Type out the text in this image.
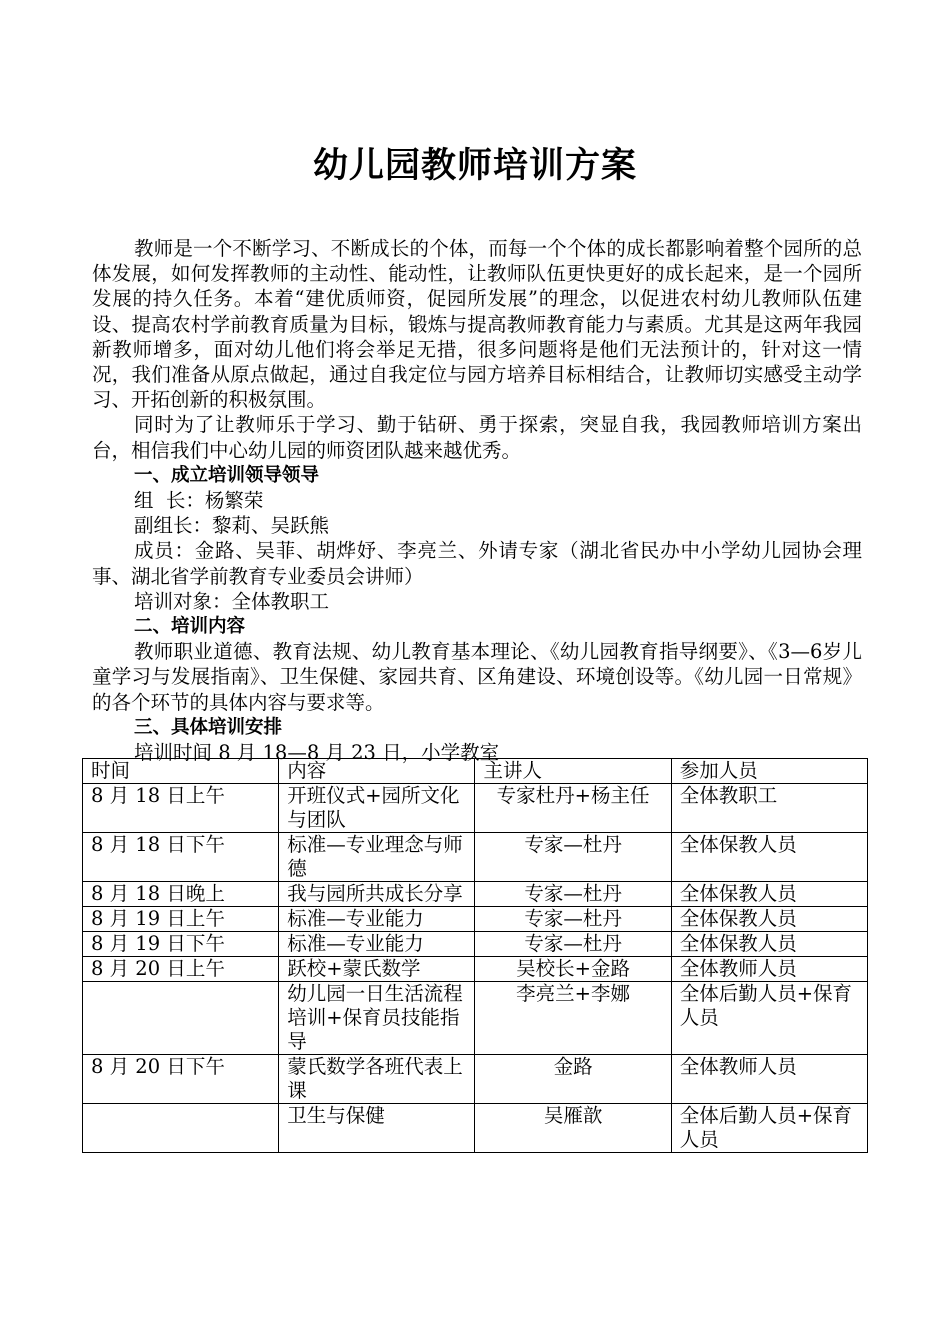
幼儿园教师培训方案

教师是一个不断学习、不断成长的个体，而每一个个体的成长都影响着整个园所的总体发展，如何发挥教师的主动性、能动性，让教师队伍更快更好的成长起来，是一个园所发展的持久任务。本着“建优质师资，促园所发展”的理念，以促进农村幼儿教师队伍建设、提高农村学前教育质量为目标，锻炼与提高教师教育能力与素质。尤其是这两年我园新教师增多，面对幼儿他们将会举足无措，很多问题将是他们无法预计的，针对这一情况，我们准备从原点做起，通过自我定位与园方培养目标相结合，让教师切实感受主动学习、开拓创新的积极氛围。

同时为了让教师乐于学习、勤于钻研、勇于探索，突显自我，我园教师培训方案出台，相信我们中心幼儿园的师资团队越来越优秀。

一、成立培训领导领导

组  长：杨繁荣

副组长：黎莉、吴跃熊

成员：金路、吴菲、胡烨妤、李亮兰、外请专家（湖北省民办中小学幼儿园协会理事、湖北省学前教育专业委员会讲师）

培训对象：全体教职工

二、培训内容

教师职业道德、教育法规、幼儿教育基本理论、《幼儿园教育指导纲要》、《3—6岁儿童学习与发展指南》、卫生保健、家园共育、区角建设、环境创设等。《幼儿园一日常规》的各个环节的具体内容与要求等。

三、具体培训安排

培训时间 8 月 18—8 月 23 日，小学教室

时间	内容	主讲人	参加人员
8 月 18 日上午	开班仪式+园所文化与团队	专家杜丹+杨主任	全体教职工
8 月 18 日下午	标准—专业理念与师德	专家—杜丹	全体保教人员
8 月 18 日晚上	我与园所共成长分享	专家—杜丹	全体保教人员
8 月 19 日上午	标准—专业能力	专家—杜丹	全体保教人员
8 月 19 日下午	标准—专业能力	专家—杜丹	全体保教人员
8 月 20 日上午	跃校+蒙氏数学	吴校长+金路	全体教师人员
	幼儿园一日生活流程培训+保育员技能指导	李亮兰+李娜	全体后勤人员+保育人员
8 月 20 日下午	蒙氏数学各班代表上课	金路	全体教师人员
	卫生与保健	吴雁歆	全体后勤人员+保育人员
